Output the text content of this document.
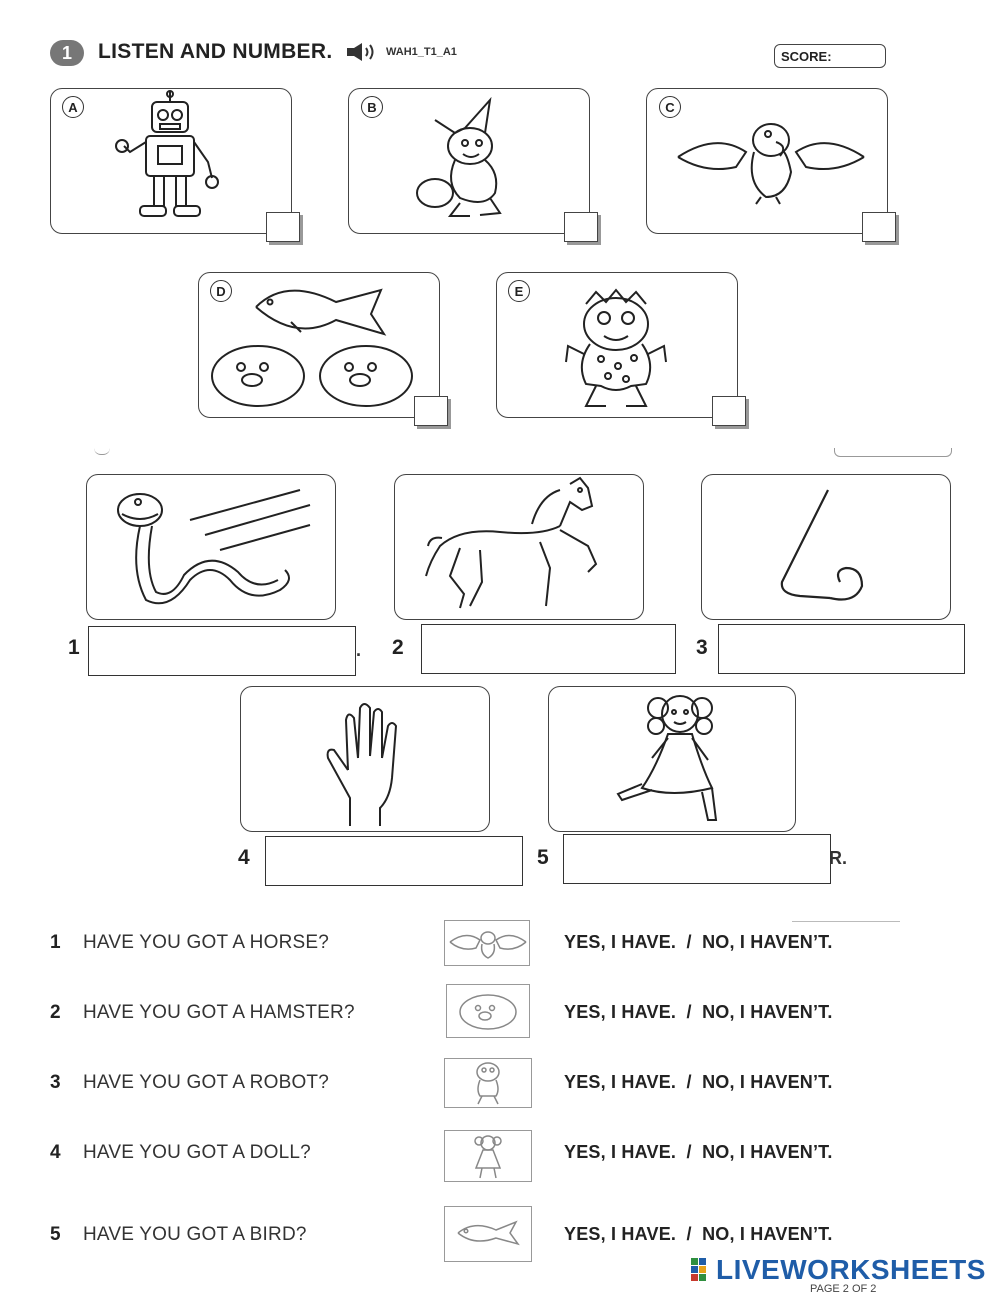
1	LISTEN AND NUMBER.	WAH1_T1_A1	SCORE:
A	B	C
D	E
1	. 2	3
4	5	R.
1 HAVE YOU GOT A HORSE?	YES, I HAVE.  /  NO, I HAVEN’T.
2 HAVE YOU GOT A HAMSTER?	YES, I HAVE.  /  NO, I HAVEN’T.
3 HAVE YOU GOT A ROBOT?	YES, I HAVE.  /  NO, I HAVEN’T.
4 HAVE YOU GOT A DOLL?	YES, I HAVE.  /  NO, I HAVEN’T.
5 HAVE YOU GOT A BIRD?	YES, I HAVE.  /  NO, I HAVEN’T.
LIVEWORKSHEETS
PAGE 2 OF 2
